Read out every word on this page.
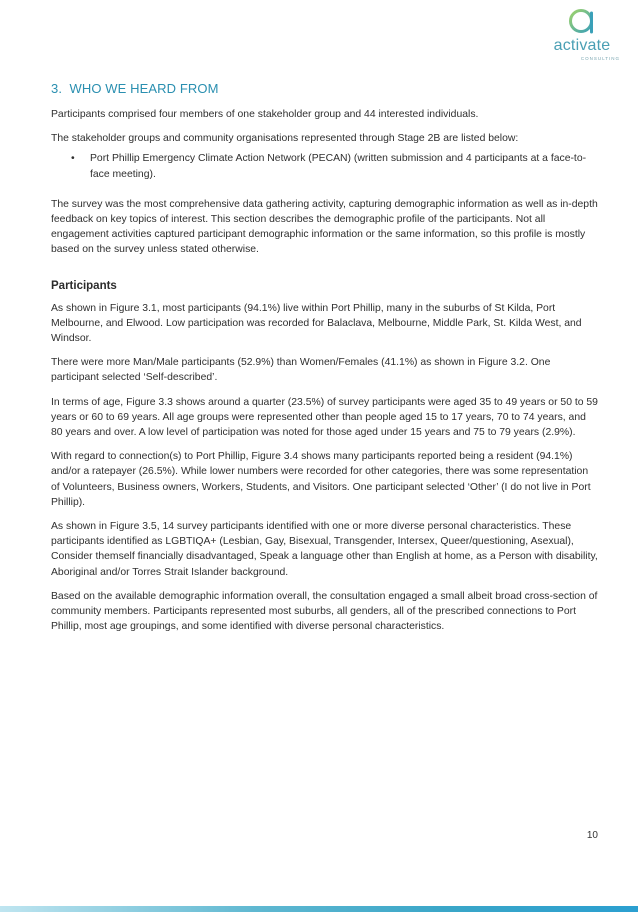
activate
CONSULTING
3. WHO WE HEARD FROM

Participants comprised four members of one stakeholder group and 44 interested individuals.

The stakeholder groups and community organisations represented through Stage 2B are listed below:

• Port Phillip Emergency Climate Action Network (PECAN) (written submission and 4 participants at a face-to-face meeting).

The survey was the most comprehensive data gathering activity, capturing demographic information as well as in-depth feedback on key topics of interest. This section describes the demographic profile of the participants. Not all engagement activities captured participant demographic information or the same information, so this profile is mostly based on the survey unless stated otherwise.

Participants

As shown in Figure 3.1, most participants (94.1%) live within Port Phillip, many in the suburbs of St Kilda, Port Melbourne, and Elwood. Low participation was recorded for Balaclava, Melbourne, Middle Park, St. Kilda West, and Windsor.

There were more Man/Male participants (52.9%) than Women/Females (41.1%) as shown in Figure 3.2. One participant selected ‘Self-described’.

In terms of age, Figure 3.3 shows around a quarter (23.5%) of survey participants were aged 35 to 49 years or 50 to 59 years or 60 to 69 years. All age groups were represented other than people aged 15 to 17 years, 70 to 74 years, and 80 years and over. A low level of participation was noted for those aged under 15 years and 75 to 79 years (2.9%).

With regard to connection(s) to Port Phillip, Figure 3.4 shows many participants reported being a resident (94.1%) and/or a ratepayer (26.5%). While lower numbers were recorded for other categories, there was some representation of Volunteers, Business owners, Workers, Students, and Visitors. One participant selected ‘Other’ (I do not live in Port Phillip).

As shown in Figure 3.5, 14 survey participants identified with one or more diverse personal characteristics. These participants identified as LGBTIQA+ (Lesbian, Gay, Bisexual, Transgender, Intersex, Queer/questioning, Asexual), Consider themself financially disadvantaged, Speak a language other than English at home, as a Person with disability, Aboriginal and/or Torres Strait Islander background.

Based on the available demographic information overall, the consultation engaged a small albeit broad cross-section of community members. Participants represented most suburbs, all genders, all of the prescribed connections to Port Phillip, most age groupings, and some identified with diverse personal characteristics.

10
